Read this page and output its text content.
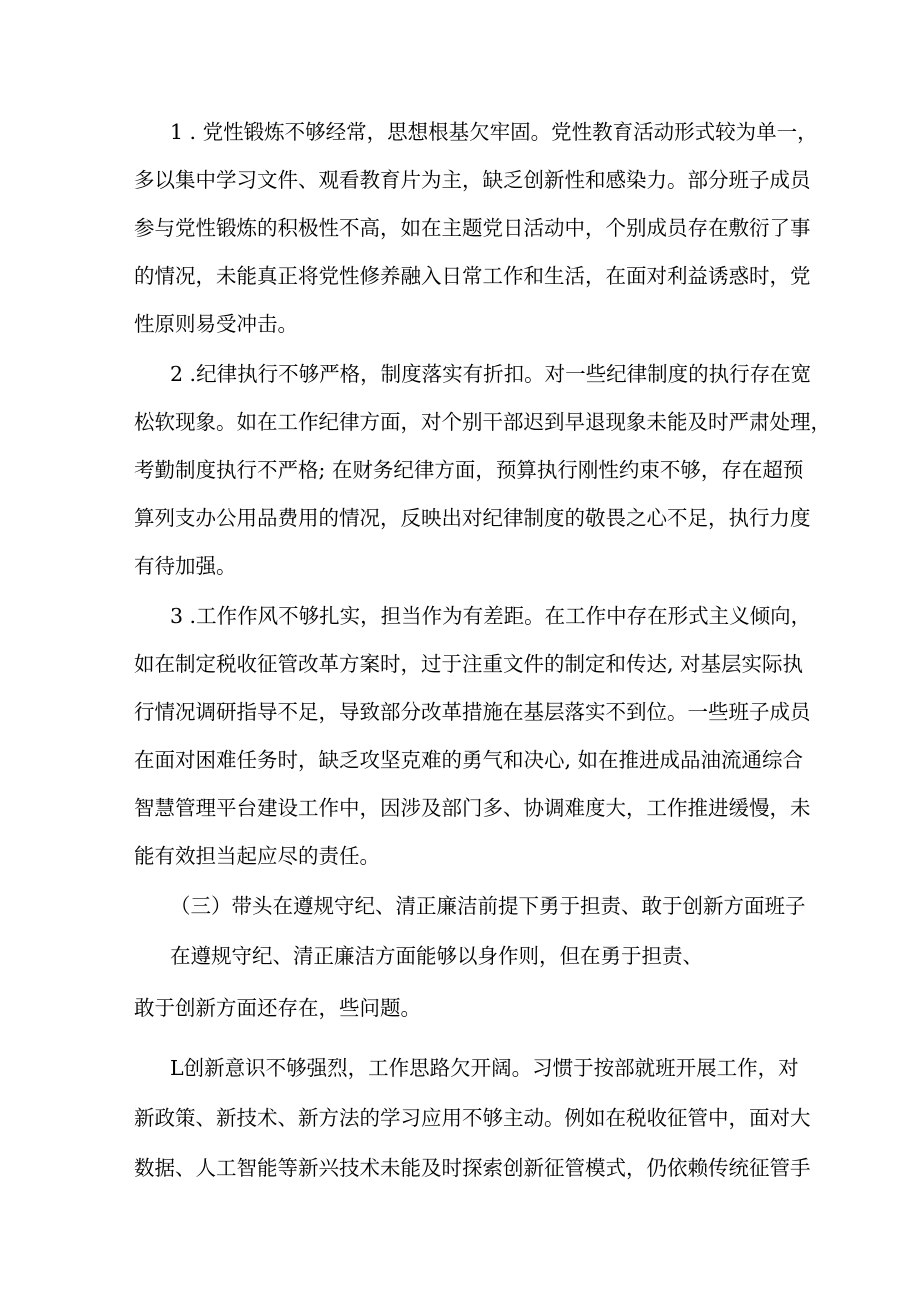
1 . 党性锻炼不够经常，思想根基欠牢固。党性教育活动形式较为单一，
多以集中学习文件、观看教育片为主，缺乏创新性和感染力。部分班子成员
参与党性锻炼的积极性不高，如在主题党日活动中，个别成员存在敷衍了事
的情况，未能真正将党性修养融入日常工作和生活，在面对利益诱惑时，党
性原则易受冲击。
2 .纪律执行不够严格，制度落实有折扣。对一些纪律制度的执行存在宽
松软现象。如在工作纪律方面，对个别干部迟到早退现象未能及时严肃处理，
考勤制度执行不严格; 在财务纪律方面，预算执行刚性约束不够，存在超预
算列支办公用品费用的情况，反映出对纪律制度的敬畏之心不足，执行力度
有待加强。
3 .工作作风不够扎实，担当作为有差距。在工作中存在形式主义倾向，
如在制定税收征管改革方案时，过于注重文件的制定和传达, 对基层实际执
行情况调研指导不足，导致部分改革措施在基层落实不到位。一些班子成员
在面对困难任务时，缺乏攻坚克难的勇气和决心, 如在推进成品油流通综合
智慧管理平台建设工作中，因涉及部门多、协调难度大，工作推进缓慢，未
能有效担当起应尽的责任。
（三）带头在遵规守纪、清正廉洁前提下勇于担责、敢于创新方面班子
在遵规守纪、清正廉洁方面能够以身作则，但在勇于担责、
敢于创新方面还存在，些问题。
L创新意识不够强烈，工作思路欠开阔。习惯于按部就班开展工作，对
新政策、新技术、新方法的学习应用不够主动。例如在税收征管中，面对大
数据、人工智能等新兴技术未能及时探索创新征管模式，仍依赖传统征管手
